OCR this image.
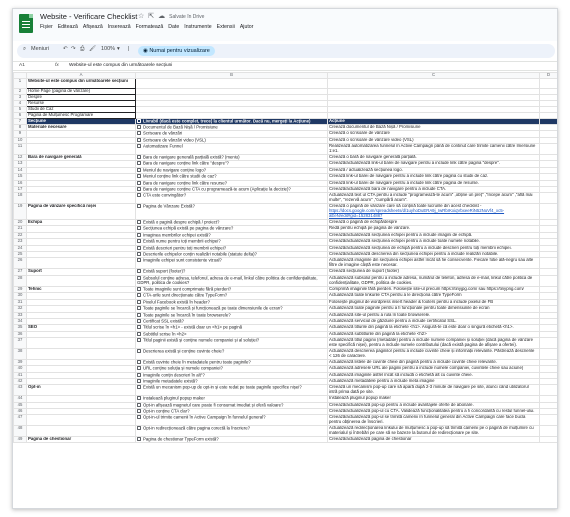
Website - Verificare Checklist ☆ ⇱ ☁ Salvate în Drive
Fișier Editează Afișează Inserează Formatează Date Instrumente Extensii Ajutor
⌕ Meniuri	↶ ↷ ⎙ 🖌 100% ▾ |	◉ Numai pentru vizualizare
A1	fx Website-ul este compus din următoarele secțiuni
	A	B	C	D
1	Website-ul este compus din următoarele secțiuni			
2	Home Page (pagina de vânzare)			
3	Despre			
4	Resurse			
5	Studii de Caz			
6	Pagina de Mulțumesc Programare			
7	Secțiune	Livrabil (dacă este complet, trece) la clientul următor. Dacă nu, mergeți la Acțiune)	Acțiune	
8	Materiale necesare	Documentul de Bază Nișă / Promisiune	Creează documentul de Bază Nișă / Promisiune	
9		Scrisoare de vânzări	Creează o scrisoare de vânzare	
10		Scrisoare de vânzări video (VSL)	Creează o scrisoare de vânzare video (VSL)	
11		Automatizare Funnel	Realizează automatizarea funnelul în Active Campaign până de continut care trimite camenii către Imersiune 1:e1.	
12	Bara de navigare generală	Bara de navigare generală parțială există? (meniu)	Creează o bară de navigare generală parțială.	
13		Bara de navigare conține link către "despre"?	Creează/actualizează link-ul barei de navigare pentru a include link către pagina "despre".	
14		Meniul de navigare conține logo?	Creează / actualizează secțiunea logo.	
15		Meniul conține link către studii de caz?	Creează link-ul barei de navigare pentru a include link către pagina cu studii de caz.	
16		Bara de navigare conține link către resurse?	Creează link-ul barei de navigare pentru a include link către pagina de resurse.	
17		Bara de navigare conține CTA cu programează-te acum (Aplicație la decizie)?	Creează/actualizează bara de navigare pentru a include CTA.	
18		CTA este convingător?	Actualizează text ul CTA pentru a include "programează-te acum" ,obține un preț" ,"începe acum" ,"află mai multe", "rezervă acum" ,"cumpără acum".	
19	Pagina de vânzare specifică nișei	Pagina de Vânzare Există?	Creează o pagină de vânzare care să conțină toate lucrurile din acest checklist -
https://docs.google.com/spreadsheets/d/1uyhoDuERA9j_IwRbrKxiqVbxeeRiN52NuVf4_xc5-aEeN/edit#gid=1528314887	
20	Echipa	Există o pagină despre echipă / proiect?	Creează o pagină de echipă/despre	
21		Secțiunea echipă există pe pagina de vânzare?	Redă pentru echipă pe pagina de vânzare.	
22		Imaginea membrilor echipei există?	Creează/actualizează secțiunea echipei pentru a include imagini de echipă.	
23		Există nume pentru toți membrii echipei?	Creează/actualizează secțiunea echipei pentru a include toate numele notabile.	
24		Există descrieri pentru toți membrii echipei?	Creează/actualizează secțiunea de echipă pentru a include descrieri pentru toți membrii echipei.	
25		Descrierile echipelor conțin realizări notabile (statute delta)?	Creează/actualizează descrierea din secțiunea echipei pentru a include realizări notabile.	
26		Imaginile echipei sunt consistente vizual?	Actualizează imaginile din secțiunea echipei astfel încât să fie consecvente. Fiecare fotie ală-negru sau alte filtre de imagine câștă este necesar.	
27	Suport	Există suport (footer)?	Creează secțiunea de suport (footer)	
28		Subsolul conține adresa, telefonul, adresa de e-mail, linkul către politica de confidențialitate, GDPR, politica de cookies?	Actualizează subsolul pentru a include adresa, numărul de telefon, adresa de e-mail, linkul către politica de confidențialitate, GDPR, politica de cookies.	
29	Tehnic	Toate imaginile sunt comprimate fără pierderi?	Comprimă imaginile fără pierderi. Folosește site-ul precum https://tinyjpg.com/ sau https://tinypng.com/	
30		CTA-urile sunt direcționate către TypeForm?	Actualizează toate linkurile CTA pentru a le direcționa către TypeForm	
31		Pixelul Facebook există în header?	Folosește pluginul de wordpress insert header & footers pentru a include pixelul de FB	
32		Toate paginile se încarcă și funcționează pe toate dimensiunile de ecran?	Actualizează toate paginile pentru a fi funcționale pentru toate dimensiunile de ecran	
33		Toate paginile se încarcă în toate browserele?	Actualizează site-ul pentru a rula în toate browserele.	
34		Certificat SSL există?	Actualizează serviciul de găzduire pentru a include certificatul SSL.	
35	SEO	Titlul scrise în <h1> - există doar un <h1> pe pagină	Actualizează titlurile din pagină la etichete <h1>. Asigură-te că este doar o singură etichetă <h1>.	
36		Subtitlul scrise în <h2>	Actualizează subtitlurile din pagină la etichete <h2>	
37		Titlul paginii există și conține numele companiei și al soluției?	Actualizează titlul paginii (metadate) pentru a include numele companiei și soluției (dacă pagina de vânzare este specifică nișei), pentru a include numele contributului (dacă există pagina de afișare a ofertei).	
38		Descrierea există și conține cuvinte cheie?	Actualizează descrierea paginilor pentru a include cuvinte cheie și informații relevante. Păstrează descrierile < 126 de caractere.	
39		Există cuvinte cheie în metadatele pentru toate paginile?	Actualizează listele de cuvinte cheie din pagină pentru a include cuvinte cheie relevante.	
40		URL conține soluția și numele companiei?	Actualizează adresele URL ale paginii pentru a include numele companiei, cuvintele cheie sau aciune)	
41		Imaginile conțin descrieri în alt"?	Actualizează imaginile astfel încât să includă o etichetă alt cu cuvinte cheie.	
42		Imaginile metadatele există?	Actualizează metadatele pentru a include meta imagine	
43	Opt-in	Există un mecanism pop-up de opt-in și este redat pe toate paginile specifice nișei?	Creează un mecanism pop-up care să apară după 2-3 minute de navigare pe site, atunci când utilizatorul intră prima dată pe site.	
44		Instalează pluginul popup maker	Instalează pluginul popup maker	
45		Opt-in afișează magnetul care poate fi consumat imediat și oferă valoare?	Creează/actualizează pop-up pentru a include avantajele oferte de abonare.	
46		Opt-in conține CTA clar?	Creează/actualizează pop-ul cu CTA. Validează funcționalitatea pentru a fi concordantă cu restul funnel-ului.	
47		Opt-in-ul trimite camenii în Active Campaign în funnelul general?	Creează/actualizează pop-ul se trimită camenii în funnelul general din Active Campaign care face bucla pentru obținerea de înscrieri.	
48		Opt-in redirecționează către pagina corectă la înscriere?	Actualizează redirecționarea linkului de mulțumesc a pop-up să trimită camenii pe o pagină de mulțumire cu materialul și întrebări pe care să se bazeze la butonul de redirecționare pe site.	
49	Pagina de chestionar	Pagina de chestionar TypeForm există?	Creează/actualizează pagina de chestionar	
